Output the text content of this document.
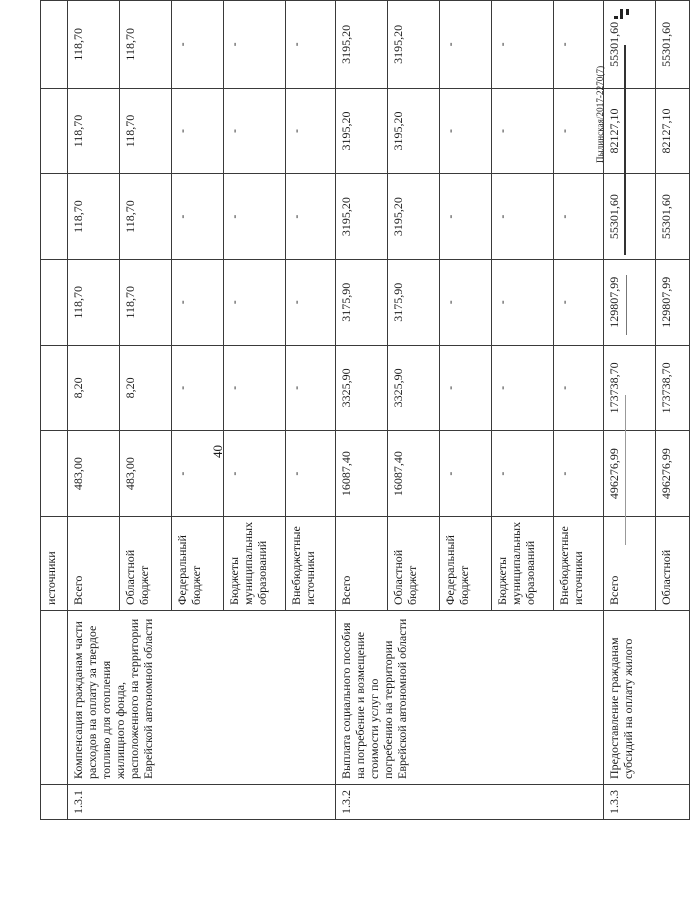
40
		источники						
1.3.1	Компенсация гражданам части расходов на оплату за твердое топливо для отопления жилищного фонда, расположенного на территории Еврейской автономной области	Всего	483,00	8,20	118,70	118,70	118,70	118,70
		Областной бюджет	483,00	8,20	118,70	118,70	118,70	118,70
		Федеральный бюджет	-	-	-	-	-	-
		Бюджеты муниципальных образований	-	-	-	-	-	-
		Внебюджетные источники	-	-	-	-	-	-
1.3.2	Выплата социального пособия на погребение и возмещение стоимости услуг по погребению на территории Еврейской автономной области	Всего	16087,40	3325,90	3175,90	3195,20	3195,20	3195,20
		Областной бюджет	16087,40	3325,90	3175,90	3195,20	3195,20	3195,20
		Федеральный бюджет	-	-	-	-	-	-
		Бюджеты муниципальных образований	-	-	-	-	-	-
		Внебюджетные источники	-	-	-	-	-	-
1.3.3	Предоставление гражданам субсидий на оплату жилого	Всего	496276,99	173738,70	129807,99	55301,60	82127,10	55301,60
		Областной	496276,99	173738,70	129807,99	55301,60	82127,10	55301,60
Пылинская/2017-2270(7)
